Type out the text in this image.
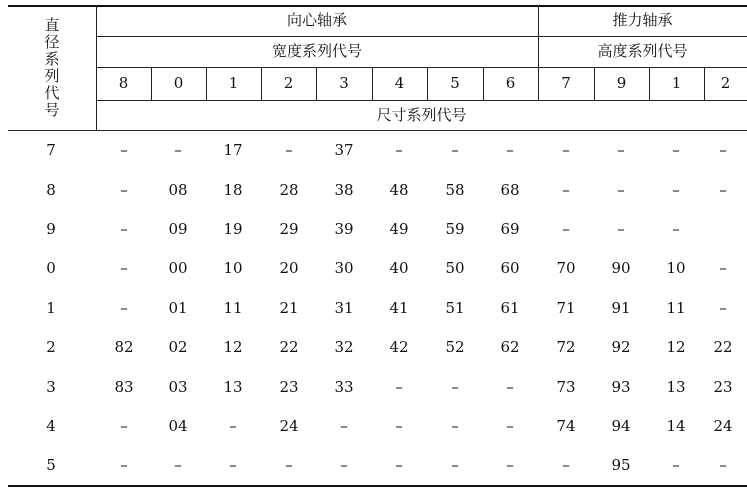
直
径
系
列
代
号
向心轴承	推力轴承
宽度系列代号	高度系列代号
8	0	1	2	3	4	5	6	7	9	1	2
尺寸系列代号
7	–	–	17	–	37	–	–	–	–	–	–	–
8	–	08	18	28	38	48	58	68	–	–	–	–
9	–	09	19	29	39	49	59	69	–	–	–
0	–	00	10	20	30	40	50	60	70	90	10	–
1	–	01	11	21	31	41	51	61	71	91	11	–
2	82	02	12	22	32	42	52	62	72	92	12	22
3	83	03	13	23	33	–	–	–	73	93	13	23
4	–	04	–	24	–	–	–	–	74	94	14	24
5	–	–	–	–	–	–	–	–	–	95	–	–
